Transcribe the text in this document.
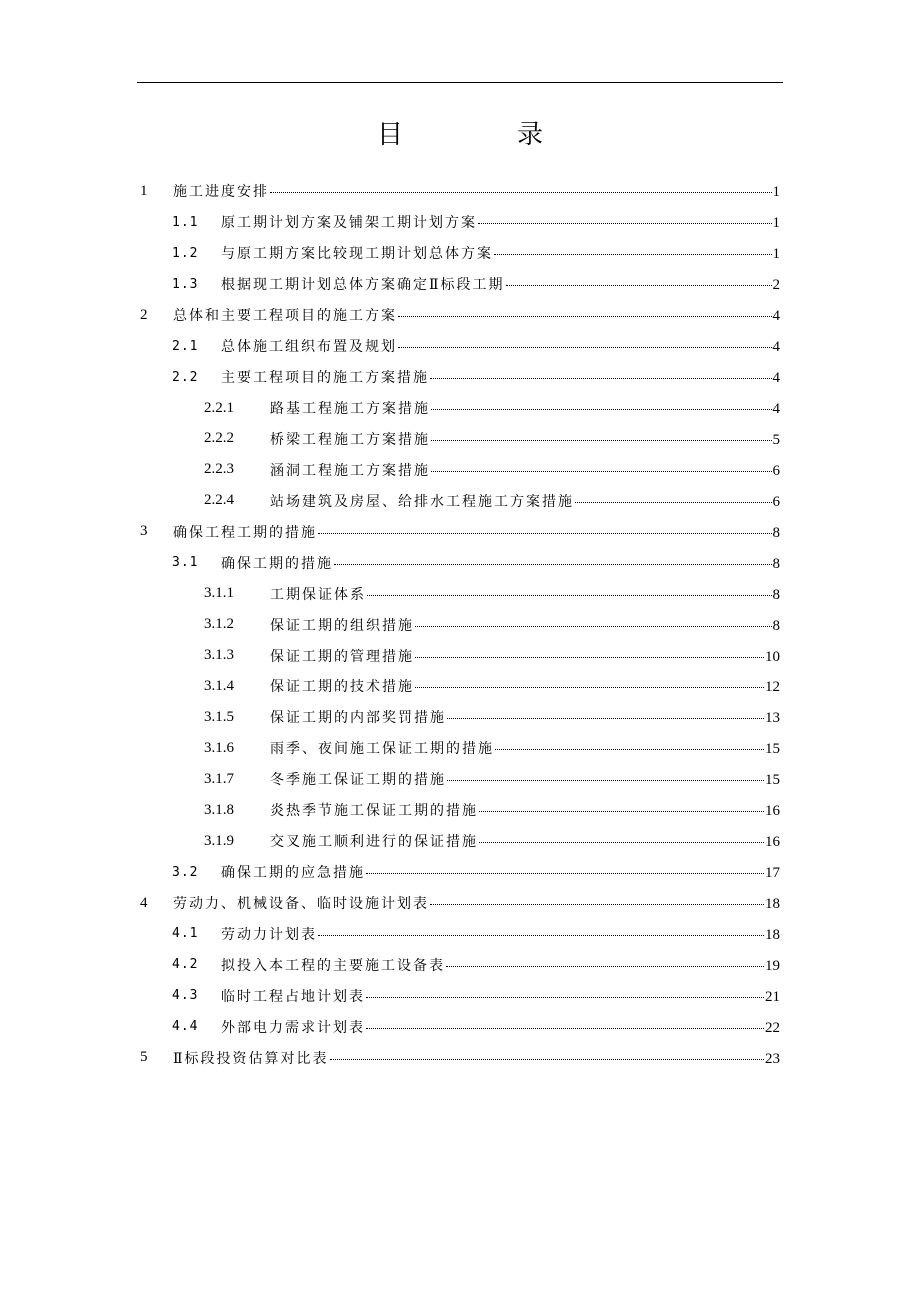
目　录
1 施工进度安排	1
1.1 原工期计划方案及铺架工期计划方案	1
1.2 与原工期方案比较现工期计划总体方案	1
1.3 根据现工期计划总体方案确定Ⅱ标段工期	2
2 总体和主要工程项目的施工方案	4
2.1 总体施工组织布置及规划	4
2.2 主要工程项目的施工方案措施	4
2.2.1	路基工程施工方案措施	4
2.2.2	桥梁工程施工方案措施	5
2.2.3	涵洞工程施工方案措施	6
2.2.4	站场建筑及房屋、给排水工程施工方案措施	6
3 确保工程工期的措施	8
3.1 确保工期的措施	8
3.1.1	工期保证体系	8
3.1.2	保证工期的组织措施	8
3.1.3	保证工期的管理措施	10
3.1.4	保证工期的技术措施	12
3.1.5	保证工期的内部奖罚措施	13
3.1.6	雨季、夜间施工保证工期的措施	15
3.1.7	冬季施工保证工期的措施	15
3.1.8	炎热季节施工保证工期的措施	16
3.1.9	交叉施工顺利进行的保证措施	16
3.2 确保工期的应急措施	17
4 劳动力、机械设备、临时设施计划表	18
4.1 劳动力计划表	18
4.2 拟投入本工程的主要施工设备表	19
4.3 临时工程占地计划表	21
4.4 外部电力需求计划表	22
5 Ⅱ标段投资估算对比表	23
